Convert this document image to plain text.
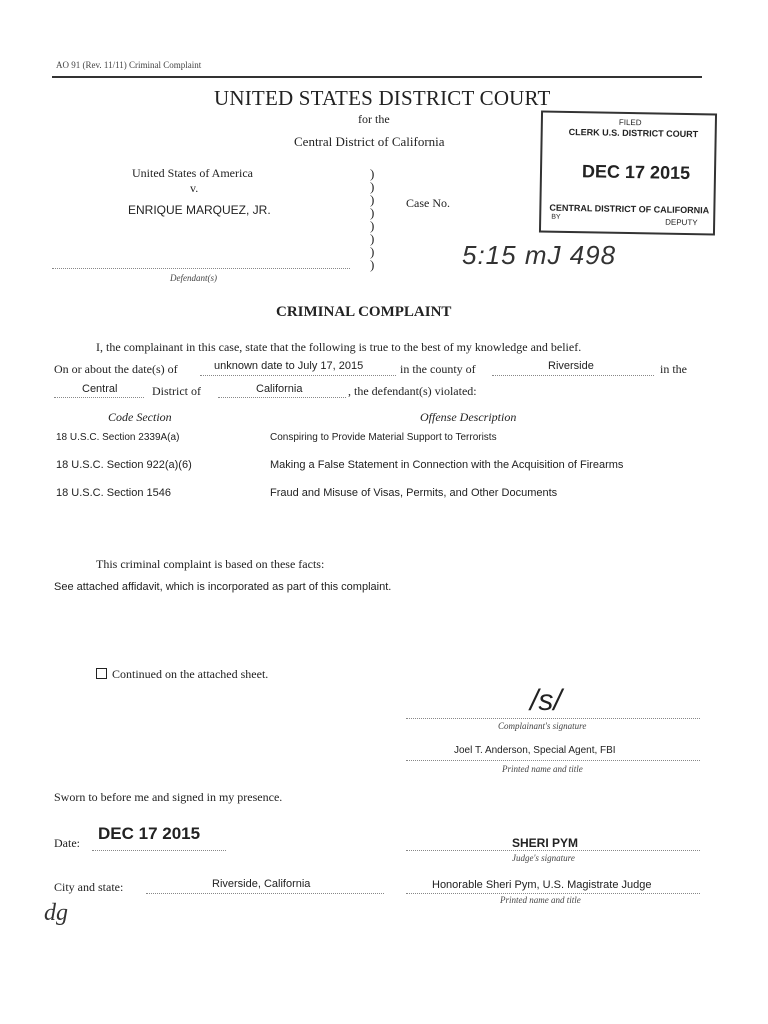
AO 91 (Rev. 11/11) Criminal Complaint
UNITED STATES DISTRICT COURT
for the
Central District of California
FILED
CLERK U.S. DISTRICT COURT
DEC 17 2015
CENTRAL DISTRICT OF CALIFORNIA
BY
DEPUTY
United States of America
v.
ENRIQUE MARQUEZ, JR.
Defendant(s)
)
)
)
)
)
)
)
)
Case No.
5:15 mJ 498
CRIMINAL COMPLAINT
I, the complainant in this case, state that the following is true to the best of my knowledge and belief.
On or about the date(s) of	unknown date to July 17, 2015	in the county of	Riverside	in the
Central	District of	California	, the defendant(s) violated:
Code Section	Offense Description
18 U.S.C. Section 2339A(a)	Conspiring to Provide Material Support to Terrorists
18 U.S.C. Section 922(a)(6)	Making a False Statement in Connection with the Acquisition of Firearms
18 U.S.C. Section 1546	Fraud and Misuse of Visas, Permits, and Other Documents
This criminal complaint is based on these facts:
See attached affidavit, which is incorporated as part of this complaint.
Continued on the attached sheet.
/s/
Complainant's signature
Joel T. Anderson, Special Agent, FBI
Printed name and title
Sworn to before me and signed in my presence.
Date: DEC 17 2015	SHERI PYM
Judge's signature
City and state:	Riverside, California	Honorable Sheri Pym, U.S. Magistrate Judge
Printed name and title
dg
